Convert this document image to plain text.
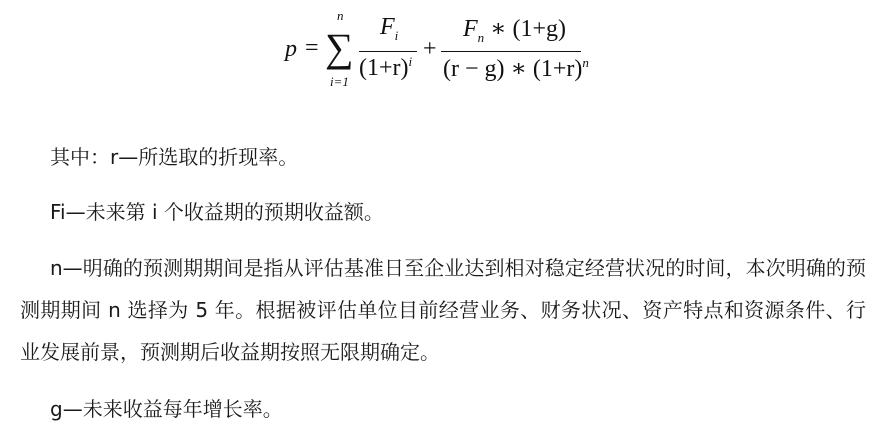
p = ∑
n
i=1
$F_i$
$(1+r)^i$ +
$F_n$ ∗ (1+g)
(r − g) ∗ $(1+r)^n$

其中：r—所选取的折现率。

Fi—未来第 i 个收益期的预期收益额。

n—明确的预测期期间是指从评估基准日至企业达到相对稳定经营状况的时间，本次明确的预测期期间 n 选择为 5 年。根据被评估单位目前经营业务、财务状况、资产特点和资源条件、行业发展前景，预测期后收益期按照无限期确定。

g—未来收益每年增长率。
